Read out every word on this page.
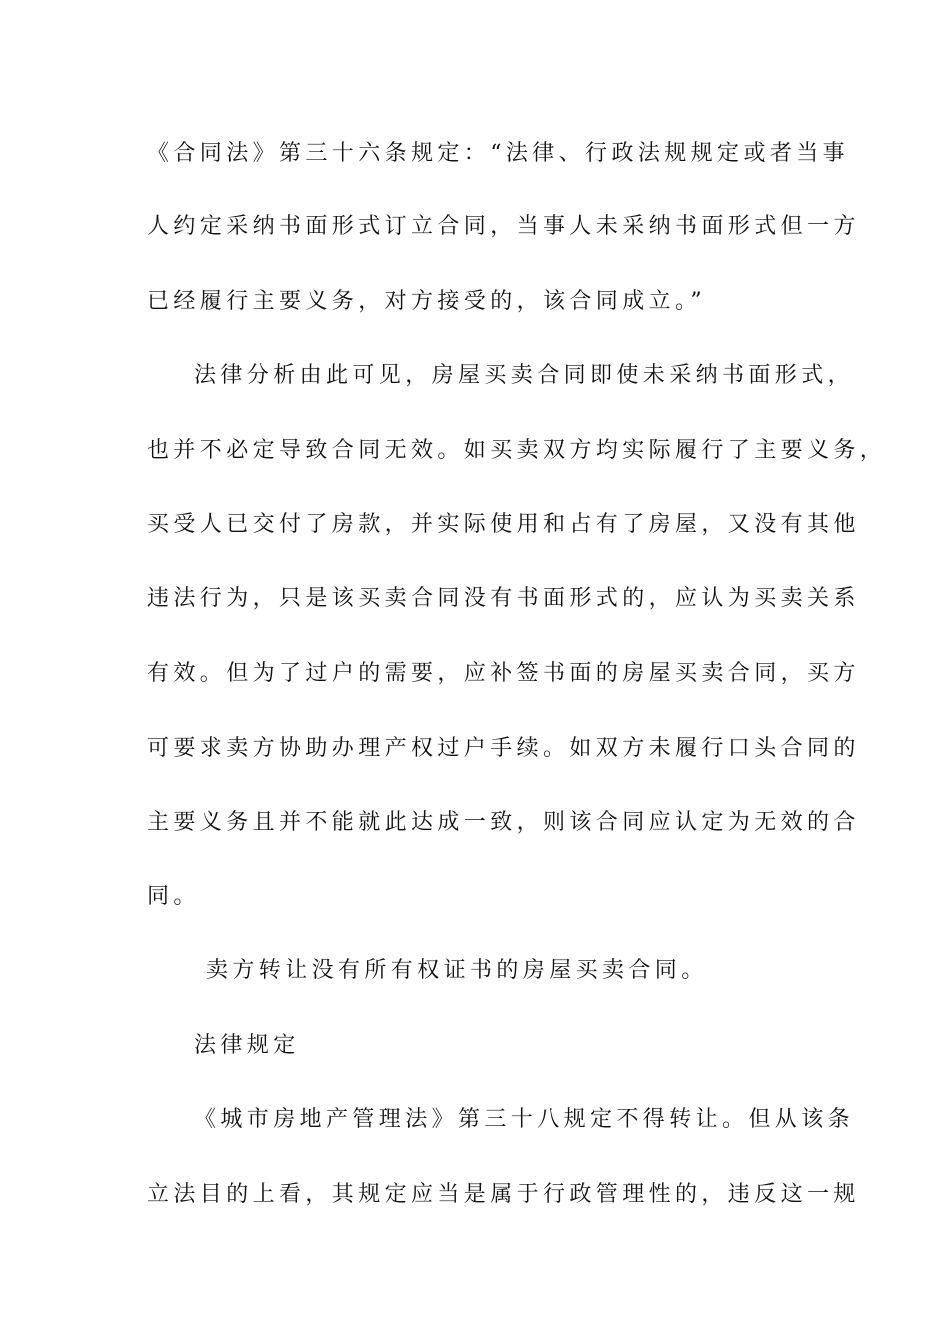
《合同法》第三十六条规定：“法律、行政法规规定或者当事
人约定采纳书面形式订立合同，当事人未采纳书面形式但一方
已经履行主要义务，对方接受的，该合同成立。”
法律分析由此可见，房屋买卖合同即使未采纳书面形式，
也并不必定导致合同无效。如买卖双方均实际履行了主要义务，
买受人已交付了房款，并实际使用和占有了房屋，又没有其他
违法行为，只是该买卖合同没有书面形式的，应认为买卖关系
有效。但为了过户的需要，应补签书面的房屋买卖合同，买方
可要求卖方协助办理产权过户手续。如双方未履行口头合同的
主要义务且并不能就此达成一致，则该合同应认定为无效的合
同。
卖方转让没有所有权证书的房屋买卖合同。
法律规定
《城市房地产管理法》第三十八规定不得转让。但从该条
立法目的上看，其规定应当是属于行政管理性的，违反这一规
